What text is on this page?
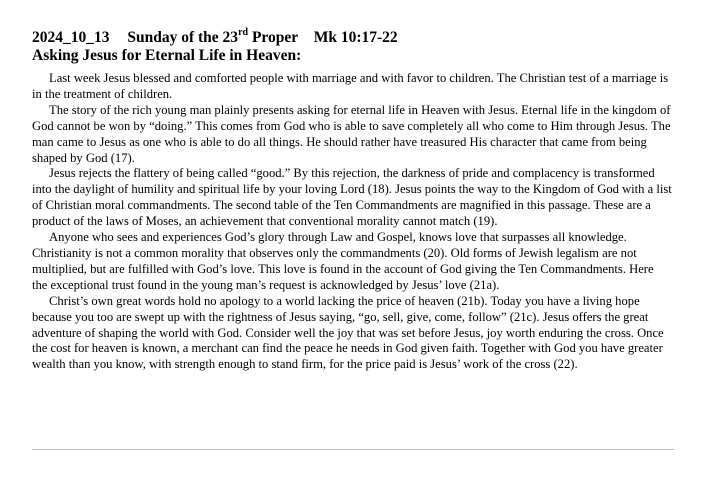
2024_10_13 Sunday of the 23rd Proper Mk 10:17-22
Asking Jesus for Eternal Life in Heaven:

Last week Jesus blessed and comforted people with marriage and with favor to children. The Christian test of a marriage is in the treatment of children.

The story of the rich young man plainly presents asking for eternal life in Heaven with Jesus. Eternal life in the kingdom of God cannot be won by “doing.” This comes from God who is able to save completely all who come to Him through Jesus. The man came to Jesus as one who is able to do all things. He should rather have treasured His character that came from being shaped by God (17).

Jesus rejects the flattery of being called “good.” By this rejection, the darkness of pride and complacency is transformed into the daylight of humility and spiritual life by your loving Lord (18). Jesus points the way to the Kingdom of God with a list of Christian moral commandments. The second table of the Ten Commandments are magnified in this passage. These are a product of the laws of Moses, an achievement that conventional morality cannot match (19).

Anyone who sees and experiences God’s glory through Law and Gospel, knows love that surpasses all knowledge. Christianity is not a common morality that observes only the commandments (20). Old forms of Jewish legalism are not multiplied, but are fulfilled with God’s love. This love is found in the account of God giving the Ten Commandments. Here the exceptional trust found in the young man’s request is acknowledged by Jesus’ love (21a).

Christ’s own great words hold no apology to a world lacking the price of heaven (21b). Today you have a living hope because you too are swept up with the rightness of Jesus saying, “go, sell, give, come, follow” (21c). Jesus offers the great adventure of shaping the world with God. Consider well the joy that was set before Jesus, joy worth enduring the cross. Once the cost for heaven is known, a merchant can find the peace he needs in God given faith. Together with God you have greater wealth than you know, with strength enough to stand firm, for the price paid is Jesus’ work of the cross (22).
